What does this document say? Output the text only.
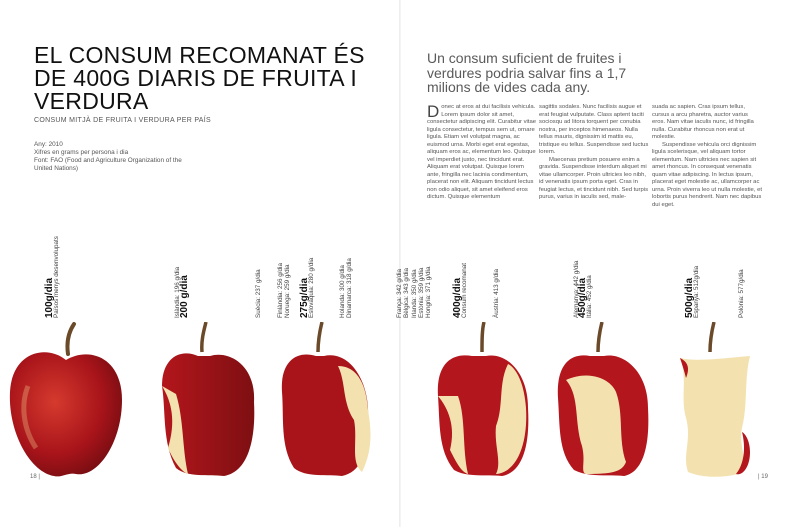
EL CONSUM RECOMANAT ÉS DE 400G DIARIS DE FRUITA I VERDURA
CONSUM MITJÀ DE FRUITA I VERDURA PER PAÍS
Any: 2010
Xifres en grams per persona i dia
Font: FAO (Food and Agriculture Organization of the United Nations)
Un consum suficient de fruites i verdures podria salvar fins a 1,7 milions de vides cada any.

Donec at eros at dui facilisis vehicula. Lorem ipsum dolor sit amet, consectetur adipiscing elit. Curabitur vitae ligula consectetur, tempus sem ut, ornare ligula. Etiam vel volutpat magna, ac euismod urna. Morbi eget erat egestas, aliquam eros ac, elementum leo. Quisque vel imperdiet justo, nec tincidunt erat. Aliquam erat volutpat. Quisque lorem ante, fringilla nec lacinia condimentum, placerat non elit. Aliquam tincidunt lectus non odio aliquet, sit amet eleifend eros dictum. Quisque elementum

sagittis sodales. Nunc facilisis augue et erat feugiat vulputate. Class aptent taciti sociosqu ad litora torquent per conubia nostra, per inceptos himenaeos. Nulla tellus mauris, dignissim id mattis eu, tristique eu tellus. Suspendisse sed luctus lorem.

Maecenas pretium posuere enim a gravida. Suspendisse interdum aliquet mi vitae ullamcorper. Proin ultricies leo nibh, id venenatis ipsum porta eget. Cras in feugiat lectus, et tincidunt nibh. Sed turpis purus, varius in iaculis sed, male-

suada ac sapien. Cras ipsum tellus, cursus a arcu pharetra, auctor varius eros. Nam vitae iaculis nunc, id fringilla nulla. Curabitur rhoncus non erat ut molestie.

Suspendisse vehicula orci dignissim ligula scelerisque, vel aliquam tortor elementum. Nam ultricies nec sapien sit amet rhoncus. In consequat venenatis quam vitae adipiscing. In lectus ipsum, placerat eget molestie ac, ullamcorper ac urna. Proin viverra leo ut nulla molestie, et lobortis purus hendrerit. Nam nec dapibus dui eget.

100g/dia
Països menys desenvolupats	Islàndia: 196 g/dia
200 g/dia	Suècia: 237 g/dia Finlàndia: 256 g/dia Noruega: 259 g/dia 275g/dia
Eslovàquia: 280 g/dia	Holanda: 300 g/dia Dinamarca: 318 g/dia	França: 342 g/dia Bèlgica: 343 g/dia Irlanda: 350 g/dia Estònia: 359 g/dia Hongria: 371 g/dia 400g/dia
Consum recomanat	Àustria: 413 g/dia	Alemanya: 442 g/dia
450g/dia
Itàlia: 452 g/dia	500g/dia
Espanya: 512g/dia	Polònia: 577g/dia
18 |	| 19
